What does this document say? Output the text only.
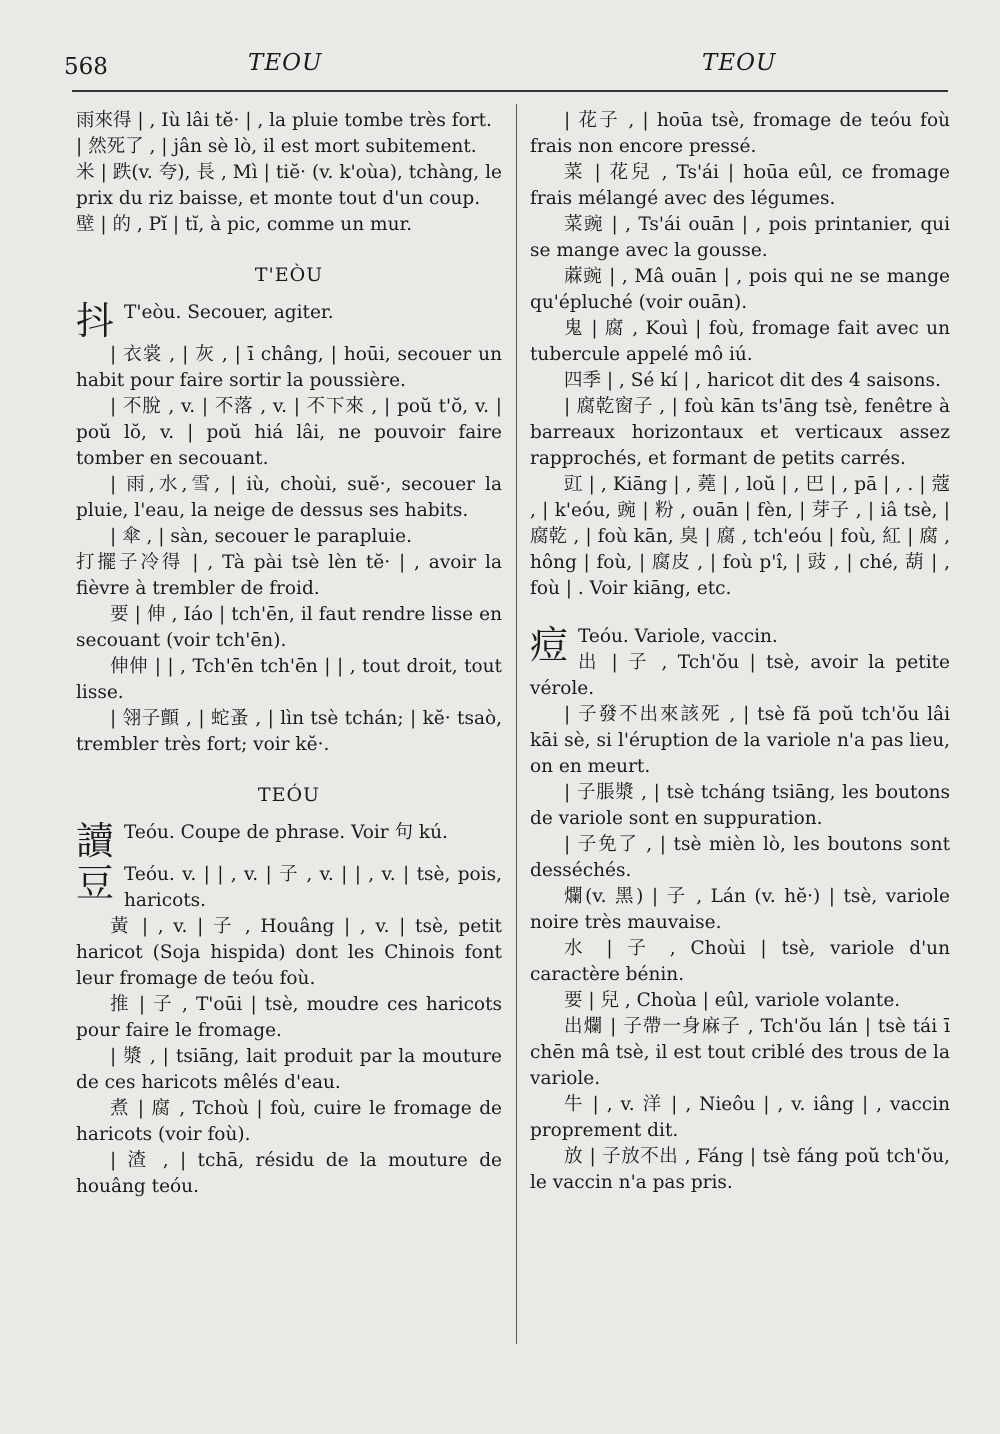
568	TEOU	TEOU

雨來得 | , Iù lâi tĕ· | , la pluie tombe très fort.

| 然死了 , | jân sè lò, il est mort subitement.

米 | 跌(v. 夸), 長 , Mì | tiĕ· (v. k'oùa), tchàng, le prix du riz baisse, et monte tout d'un coup.

壁 | 的 , Pĭ | tĭ, à pic, comme un mur.

T'EÒU
抖 T'eòu. Secouer, agiter.

| 衣裳 , | 灰 , | ī châng, | hoūi, secouer un habit pour faire sortir la poussière.

| 不脫 , v. | 不落 , v. | 不下來 , | poŭ t'ŏ, v. | poŭ lŏ, v. | poŭ hiá lâi, ne pouvoir faire tomber en secouant.

| 雨,水,雪, | iù, choùi, suĕ·, secouer la pluie, l'eau, la neige de dessus ses habits.

| 傘 , | sàn, secouer le parapluie.

打擺子冷得 | , Tà pài tsè lèn tĕ· | , avoir la fièvre à trembler de froid.

要 | 伸 , Iáo | tch'ēn, il faut rendre lisse en secouant (voir tch'ēn).

伸伸 | | , Tch'ēn tch'ēn | | , tout droit, tout lisse.

| 翎子顫 , | 蛇蚤 , | lìn tsè tchán; | kĕ· tsaò, trembler très fort; voir kĕ·.

TEÓU
讀 Teóu. Coupe de phrase. Voir 句 kú.

豆 Teóu. v. | | , v. | 子 , v. | | , v. | tsè, pois, haricots.

黃 | , v. | 子 , Houâng | , v. | tsè, petit haricot (Soja hispida) dont les Chinois font leur fromage de teóu foù.

推 | 子 , T'oūi | tsè, moudre ces haricots pour faire le fromage.

| 漿 , | tsiāng, lait produit par la mouture de ces haricots mêlés d'eau.

煮 | 腐 , Tchoù | foù, cuire le fromage de haricots (voir foù).

| 渣 , | tchā, résidu de la mouture de houâng teóu.

| 花子 , | hoūa tsè, fromage de teóu foù frais non encore pressé.

菜 | 花兒 , Ts'ái | hoūa eûl, ce fromage frais mélangé avec des légumes.

菜豌 | , Ts'ái ouān | , pois printanier, qui se mange avec la gousse.

蔴豌 | , Mâ ouān | , pois qui ne se mange qu'épluché (voir ouān).

鬼 | 腐 , Kouì | foù, fromage fait avec un tubercule appelé mô iú.

四季 | , Sé kí | , haricot dit des 4 saisons.

| 腐乾窗子 , | foù kān ts'āng tsè, fenêtre à barreaux horizontaux et verticaux assez rapprochés, et formant de petits carrés.

豇 | , Kiāng | , 蕘 | , loŭ | , 巴 | , pā | , . | 蔻 , | k'eóu, 豌 | 粉 , ouān | fèn, | 芽子 , | iâ tsè, | 腐乾 , | foù kān, 臭 | 腐 , tch'eóu | foù, 紅 | 腐 , hông | foù, | 腐皮 , | foù p'î, | 豉 , | ché, 葫 | , foù | . Voir kiāng, etc.

痘 Teóu. Variole, vaccin.

出 | 子 , Tch'ŏu | tsè, avoir la petite vérole.

| 子發不出來該死 , | tsè fă poŭ tch'ŏu lâi kāi sè, si l'éruption de la variole n'a pas lieu, on en meurt.

| 子脹漿 , | tsè tcháng tsiāng, les boutons de variole sont en suppuration.

| 子免了 , | tsè mièn lò, les boutons sont desséchés.

爛(v. 黑) | 子 , Lán (v. hĕ·) | tsè, variole noire très mauvaise.

水 | 子 , Choùi | tsè, variole d'un caractère bénin.

要 | 兒 , Choùa | eûl, variole volante.

出爛 | 子帶一身麻子 , Tch'ŏu lán | tsè tái ī chēn mâ tsè, il est tout criblé des trous de la variole.

牛 | , v. 洋 | , Nieôu | , v. iâng | , vaccin proprement dit.

放 | 子放不出 , Fáng | tsè fáng poŭ tch'ŏu, le vaccin n'a pas pris.
